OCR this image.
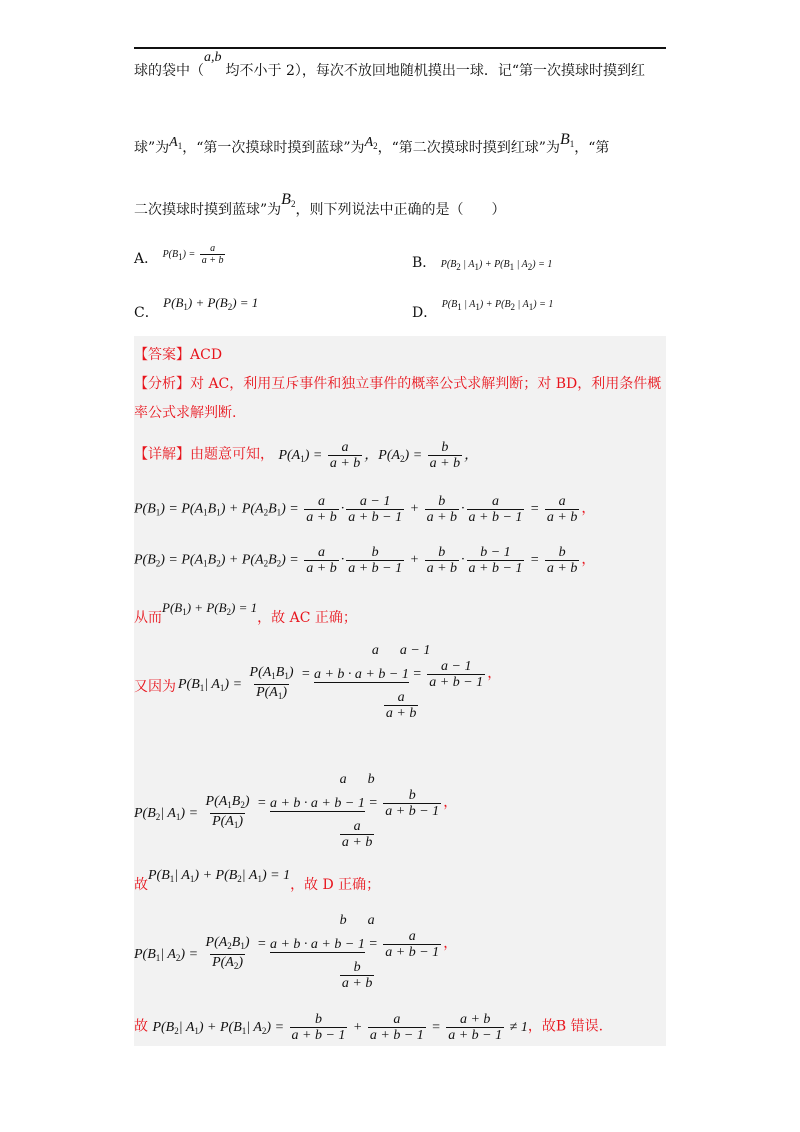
球的袋中（a,b均不小于 2），每次不放回地随机摸出一球．记“第一次摸球时摸到红
球”为$A_1$，“第一次摸球时摸到蓝球”为$A_2$，“第二次摸球时摸到红球”为$B_1$，“第
二次摸球时摸到蓝球”为$B_2$，则下列说法中正确的是（　　）
A． $^{P(B1) = \frac{a}{a + b}}$	B． P(B2 | A1) + P(B1 | A2) = 1
C． $P(B_1) + P(B_2) = 1$
D． P(B1 | A1) + P(B2 | A1) = 1
【答案】ACD
【分析】对 AC，利用互斥事件和独立事件的概率公式求解判断；对 BD，利用条件概
率公式求解判断.
【详解】由题意可知， $P(A_1) = \frac{a}{a + b}$ ，$P(A_2) = \frac{b}{a + b}$ ，
$P(B_1) = P(A_1B_1) + P(A_2B_1) = \frac{a}{a + b} \cdot \frac{a - 1}{a + b - 1} + \frac{b}{a + b} \cdot \frac{a}{a + b - 1} = \frac{a}{a + b}$ ，
$P(B_2) = P(A_1B_2) + P(A_2B_2) = \frac{a}{a + b} \cdot \frac{b}{a + b - 1} + \frac{b}{a + b} \cdot \frac{b - 1}{a + b - 1} = \frac{b}{a + b}$ ，
从而$P(B_1) + P(B_2) = 1$，故 AC 正确；
又因为 $P(B_1|$ $A_1) = \frac{P(A_1B_1)}{P(A_1)}$

a      a − 1
= $a + b \cdot a + b - 1 = \frac{a - 1}{a + b - 1}$ ，
$\frac{a}{a + b}$
$P(B_2|$ $A_1) = \frac{P(A_1B_2)}{P(A_1)}$

a      b
= $a + b \cdot a + b - 1 = \frac{b}{a + b - 1}$ ，
$\frac{a}{a + b}$
故$P(B_1|$ $A_1) + P(B_2|$ $A_1) = 1$，故 D 正确；
$P(B_1|$ $A_2) = \frac{P(A_2B_1)}{P(A_2)}$

b      a
= $a + b \cdot a + b - 1 = \frac{a}{a + b - 1}$ ，
$\frac{b}{a + b}$
故 $P(B_2|$ $A_1) + P(B_1|$ $A_2) = \frac{b}{a + b - 1} + \frac{a}{a + b - 1} = \frac{a + b}{a + b - 1} \ne 1$，故B 错误.
